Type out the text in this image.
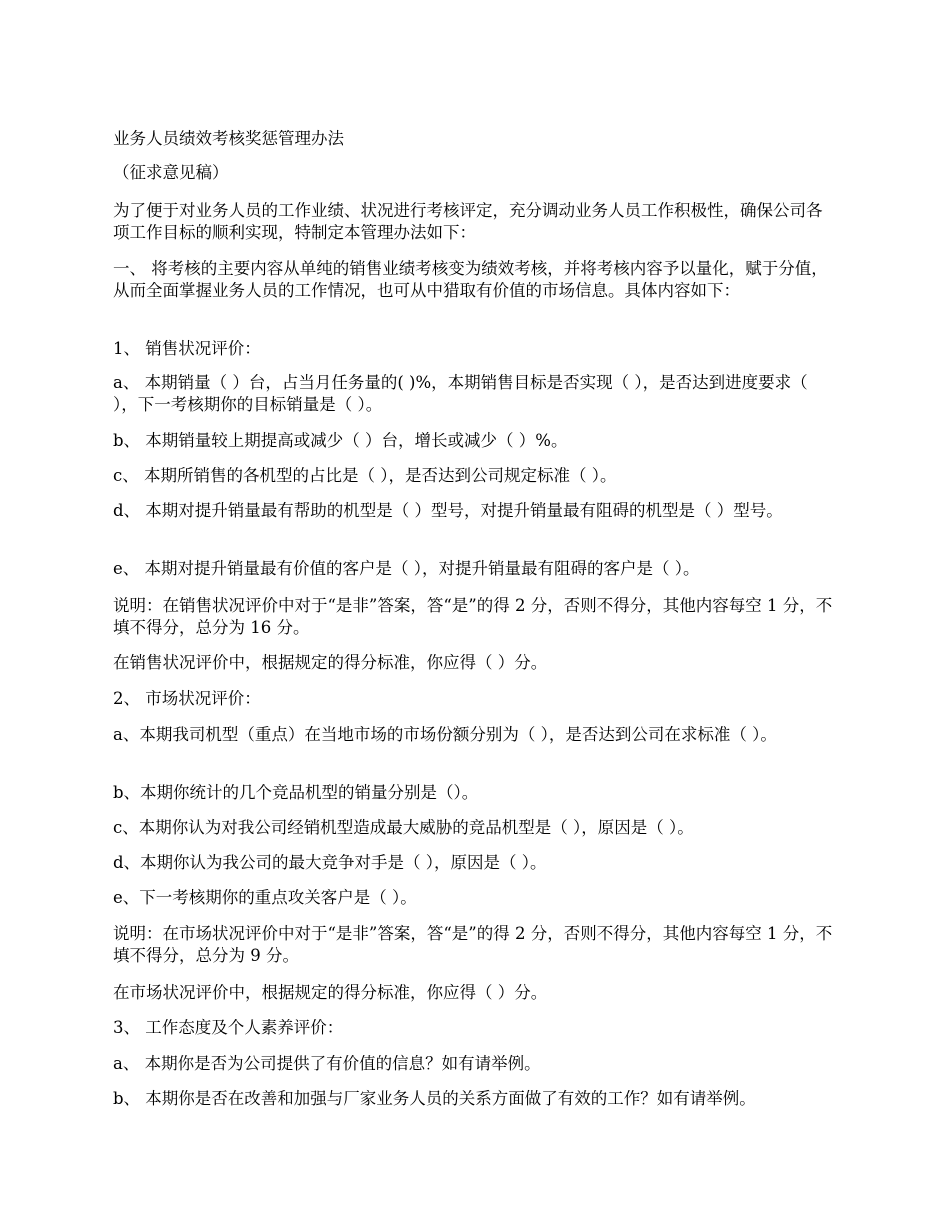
业务人员绩效考核奖惩管理办法

（征求意见稿）

为了便于对业务人员的工作业绩、状况进行考核评定，充分调动业务人员工作积极性，确保公司各项工作目标的顺利实现，特制定本管理办法如下：

一、 将考核的主要内容从单纯的销售业绩考核变为绩效考核，并将考核内容予以量化，赋于分值，从而全面掌握业务人员的工作情况，也可从中猎取有价值的市场信息。具体内容如下：

1、 销售状况评价：

a、 本期销量（ ）台，占当月任务量的( )%，本期销售目标是否实现（ ），是否达到进度要求（ ），下一考核期你的目标销量是（ ）。

b、 本期销量较上期提高或减少（ ）台，增长或减少（ ）%。

c、 本期所销售的各机型的占比是（ ），是否达到公司规定标准（ ）。

d、 本期对提升销量最有帮助的机型是（ ）型号，对提升销量最有阻碍的机型是（ ）型号。

e、 本期对提升销量最有价值的客户是（ ），对提升销量最有阻碍的客户是（ ）。

说明：在销售状况评价中对于“是非”答案，答“是”的得 2 分，否则不得分，其他内容每空 1 分，不填不得分，总分为 16 分。

在销售状况评价中，根据规定的得分标准，你应得（ ）分。

2、 市场状况评价：

a、本期我司机型（重点）在当地市场的市场份额分别为（ ），是否达到公司在求标准（ ）。

b、本期你统计的几个竞品机型的销量分别是（）。

c、本期你认为对我公司经销机型造成最大威胁的竞品机型是（ ），原因是（ ）。

d、本期你认为我公司的最大竞争对手是（ ），原因是（ ）。

e、下一考核期你的重点攻关客户是（ ）。

说明：在市场状况评价中对于“是非”答案，答“是”的得 2 分，否则不得分，其他内容每空 1 分，不填不得分，总分为 9 分。

在市场状况评价中，根据规定的得分标准，你应得（ ）分。

3、 工作态度及个人素养评价：

a、 本期你是否为公司提供了有价值的信息？如有请举例。

b、 本期你是否在改善和加强与厂家业务人员的关系方面做了有效的工作？如有请举例。
